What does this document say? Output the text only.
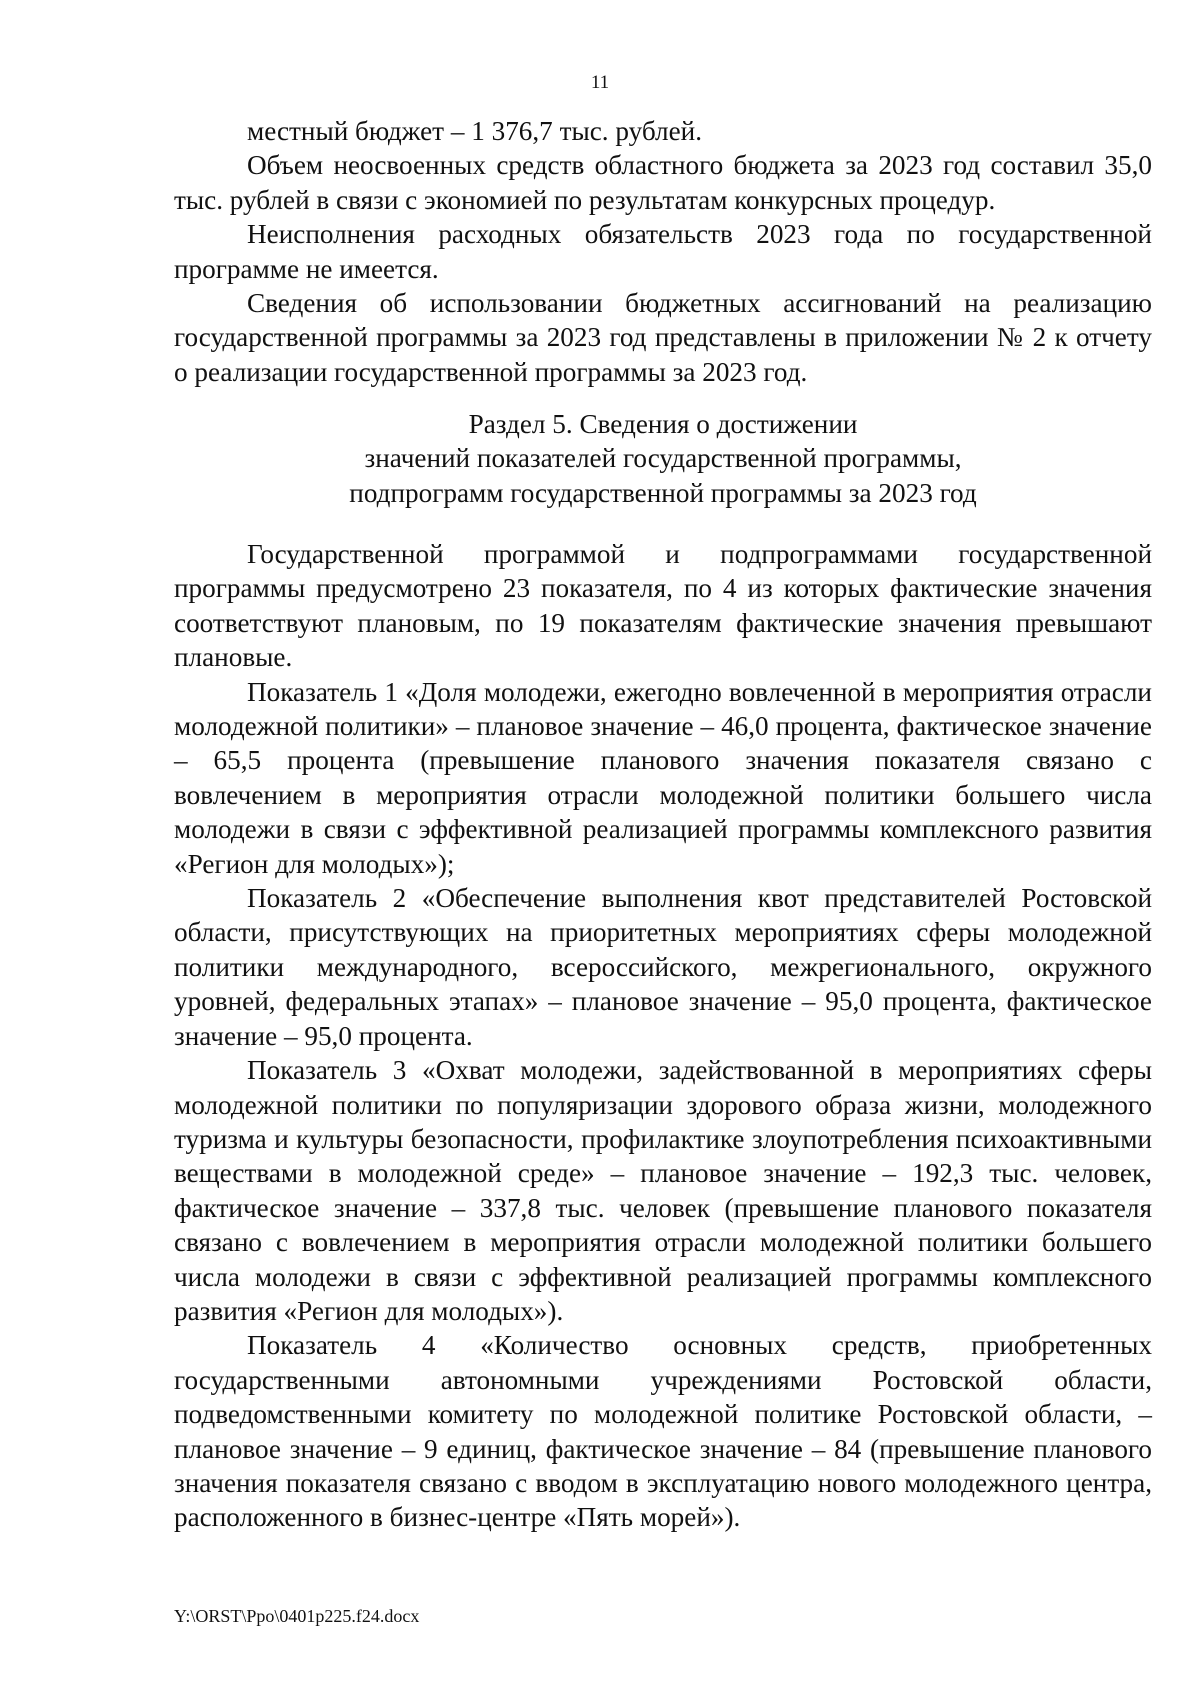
11

местный бюджет – 1 376,7 тыс. рублей.

Объем неосвоенных средств областного бюджета за 2023 год составил 35,0 тыс. рублей в связи с экономией по результатам конкурсных процедур.

Неисполнения расходных обязательств 2023 года по государственной программе не имеется.

Сведения об использовании бюджетных ассигнований на реализацию государственной программы за 2023 год представлены в приложении № 2 к отчету о реализации государственной программы за 2023 год.

Раздел 5. Сведения о достижении
значений показателей государственной программы,
подпрограмм государственной программы за 2023 год

Государственной программой и подпрограммами государственной программы предусмотрено 23 показателя, по 4 из которых фактические значения соответствуют плановым, по 19 показателям фактические значения превышают плановые.

Показатель 1 «Доля молодежи, ежегодно вовлеченной в мероприятия отрасли молодежной политики» – плановое значение – 46,0 процента, фактическое значение – 65,5 процента (превышение планового значения показателя связано с вовлечением в мероприятия отрасли молодежной политики большего числа молодежи в связи с эффективной реализацией программы комплексного развития «Регион для молодых»);

Показатель 2 «Обеспечение выполнения квот представителей Ростовской области, присутствующих на приоритетных мероприятиях сферы молодежной политики международного, всероссийского, межрегионального, окружного уровней, федеральных этапах» – плановое значение – 95,0 процента, фактическое значение – 95,0 процента.

Показатель 3 «Охват молодежи, задействованной в мероприятиях сферы молодежной политики по популяризации здорового образа жизни, молодежного туризма и культуры безопасности, профилактике злоупотребления психоактивными веществами в молодежной среде» – плановое значение – 192,3 тыс. человек, фактическое значение – 337,8 тыс. человек (превышение планового показателя связано с вовлечением в мероприятия отрасли молодежной политики большего числа молодежи в связи с эффективной реализацией программы комплексного развития «Регион для молодых»).

Показатель 4 «Количество основных средств, приобретенных государственными автономными учреждениями Ростовской области, подведомственными комитету по молодежной политике Ростовской области, – плановое значение – 9 единиц, фактическое значение – 84 (превышение планового значения показателя связано с вводом в эксплуатацию нового молодежного центра, расположенного в бизнес-центре «Пять морей»).

Y:\ORST\Ppo\0401p225.f24.docx
